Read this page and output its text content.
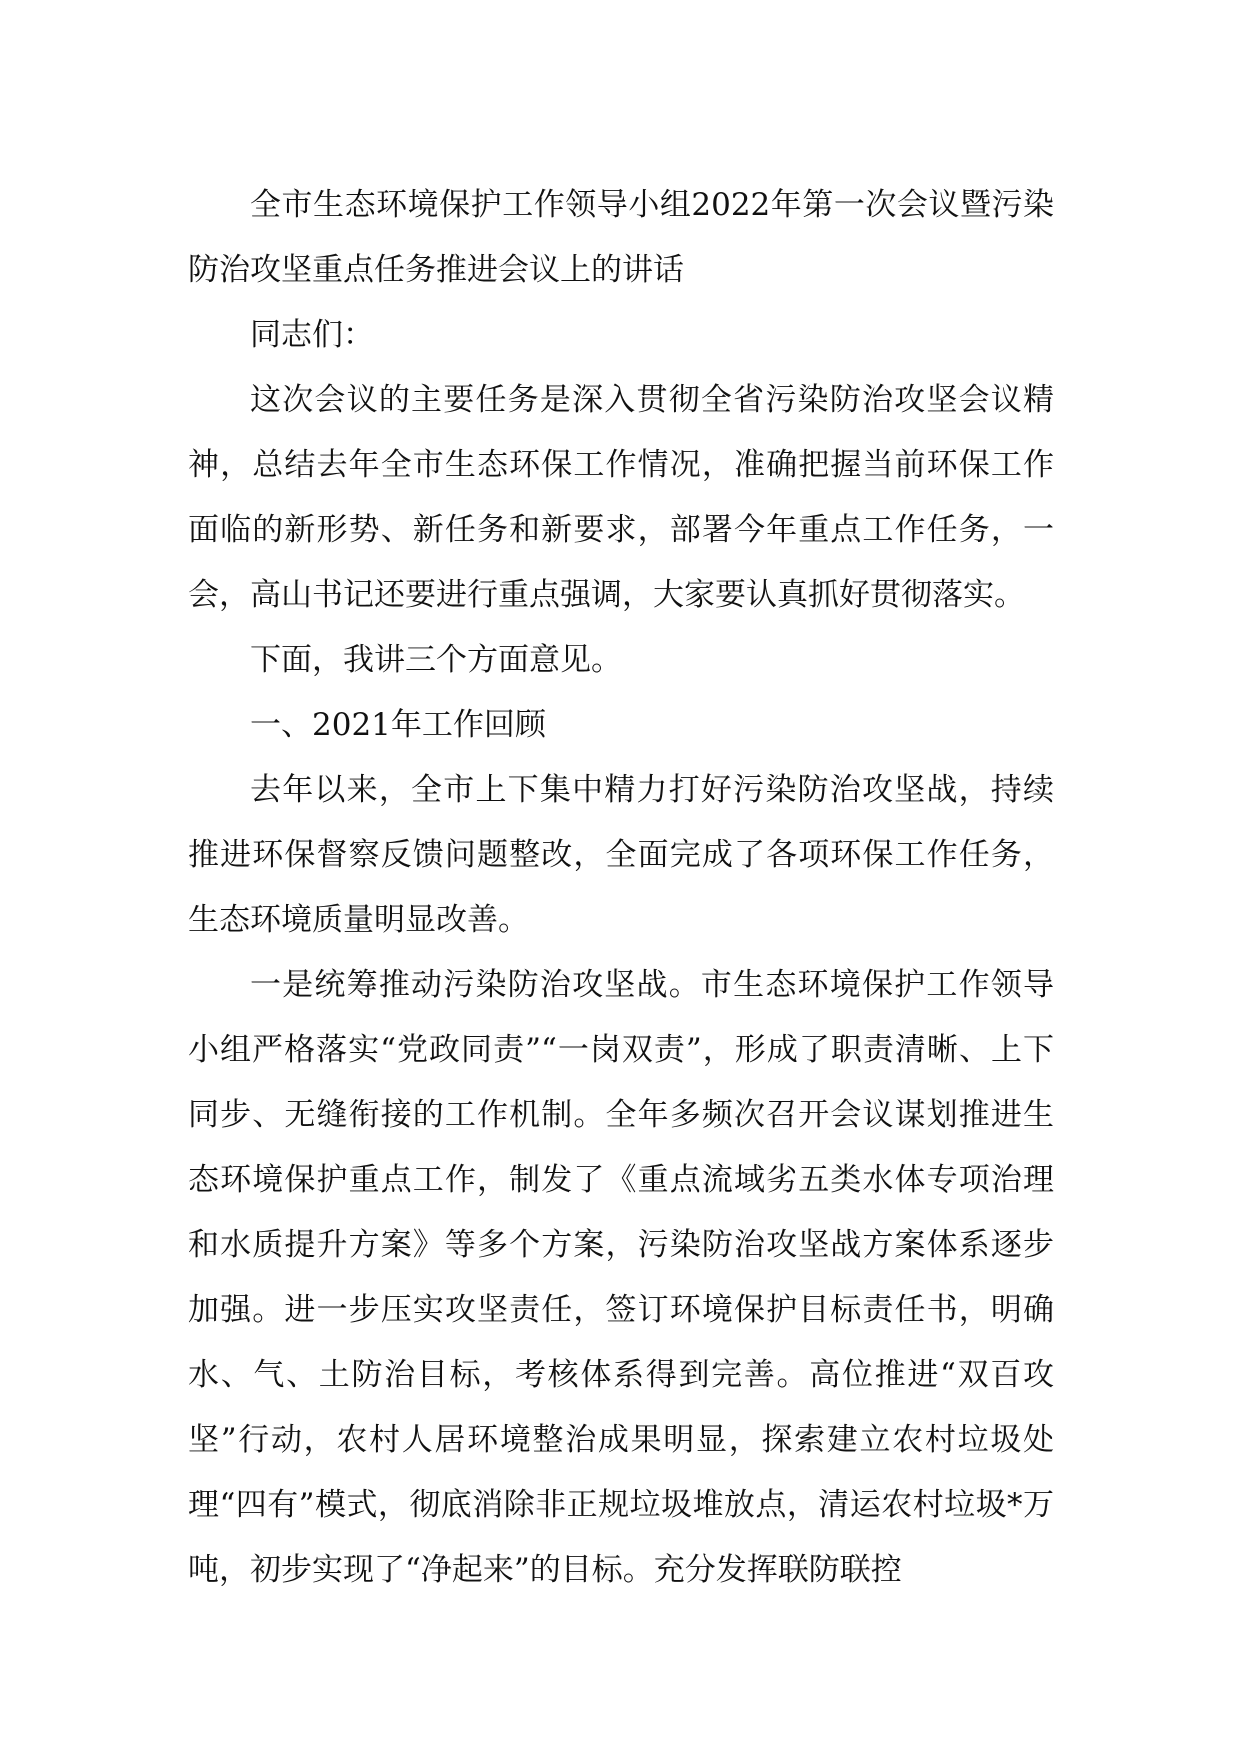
全市生态环境保护工作领导小组2022年第一次会议暨污染防治攻坚重点任务推进会议上的讲话

同志们：

这次会议的主要任务是深入贯彻全省污染防治攻坚会议精神，总结去年全市生态环保工作情况，准确把握当前环保工作面临的新形势、新任务和新要求，部署今年重点工作任务，一会，高山书记还要进行重点强调，大家要认真抓好贯彻落实。

下面，我讲三个方面意见。

一、2021年工作回顾

去年以来，全市上下集中精力打好污染防治攻坚战，持续推进环保督察反馈问题整改，全面完成了各项环保工作任务，生态环境质量明显改善。

一是统筹推动污染防治攻坚战。市生态环境保护工作领导小组严格落实“党政同责”“一岗双责”，形成了职责清晰、上下同步、无缝衔接的工作机制。全年多频次召开会议谋划推进生态环境保护重点工作，制发了《重点流域劣五类水体专项治理和水质提升方案》等多个方案，污染防治攻坚战方案体系逐步加强。进一步压实攻坚责任，签订环境保护目标责任书，明确水、气、土防治目标，考核体系得到完善。高位推进“双百攻坚”行动，农村人居环境整治成果明显，探索建立农村垃圾处理“四有”模式，彻底消除非正规垃圾堆放点，清运农村垃圾*万吨，初步实现了“净起来”的目标。充分发挥联防联控
